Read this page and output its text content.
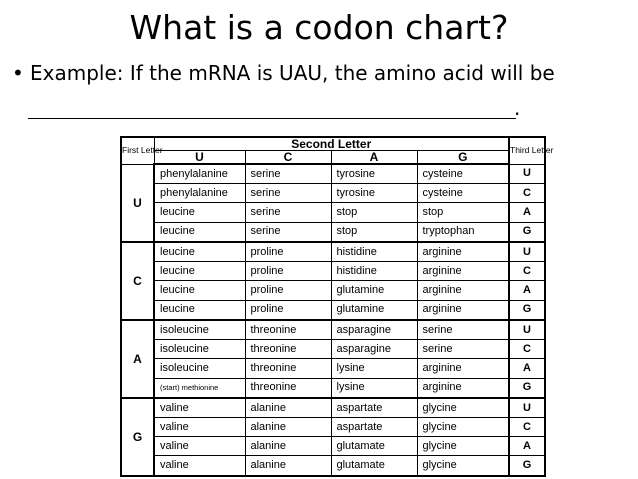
What is a codon chart?
• Example: If the mRNA is UAU, the amino acid will be
.
First Letter	Second Letter				Third Letter
	U	C	A	G	
U	phenylalanine	serine	tyrosine	cysteine	U
	phenylalanine	serine	tyrosine	cysteine	C
	leucine	serine	stop	stop	A
	leucine	serine	stop	tryptophan	G
C	leucine	proline	histidine	arginine	U
	leucine	proline	histidine	arginine	C
	leucine	proline	glutamine	arginine	A
	leucine	proline	glutamine	arginine	G
A	isoleucine	threonine	asparagine	serine	U
	isoleucine	threonine	asparagine	serine	C
	isoleucine	threonine	lysine	arginine	A

	(start) methionine	threonine	lysine	arginine	G
G	valine	alanine	aspartate	glycine	U
	valine	alanine	aspartate	glycine	C
	valine	alanine	glutamate	glycine	A
	valine	alanine	glutamate	glycine	G
